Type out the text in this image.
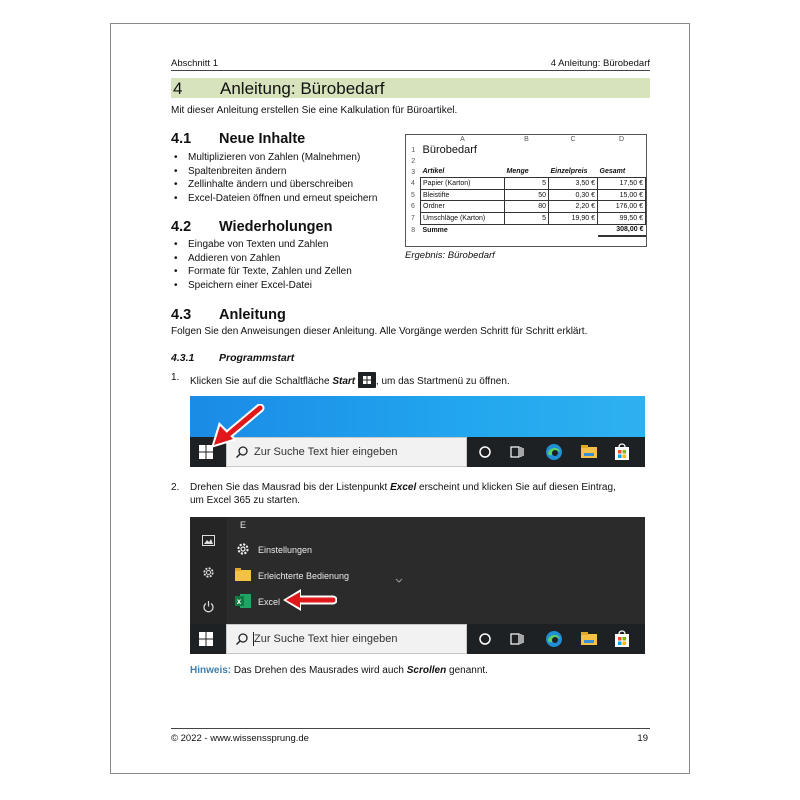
Abschnitt 1	4 Anleitung: Bürobedarf
4 Anleitung: Bürobedarf
Mit dieser Anleitung erstellen Sie eine Kalkulation für Büroartikel.
4.1 Neue Inhalte
• Multiplizieren von Zahlen (Malnehmen)
• Spaltenbreiten ändern
• Zellinhalte ändern und überschreiben
• Excel-Dateien öffnen und erneut speichern
4.2 Wiederholungen
• Eingabe von Texten und Zahlen
• Addieren von Zahlen
• Formate für Texte, Zahlen und Zellen
• Speichern einer Excel-Datei
	A	B	C	D
1	Bürobedarf			
2				
3	Artikel	Menge	Einzelpreis	Gesamt
4	Papier (Karton)	5	3,50 €	17,50 €
5	Bleistifte	50	0,30 €	15,00 €
6	Ordner	80	2,20 €	176,00 €
7	Umschläge (Karton)	5	19,90 €	99,50 €
8	Summe			308,00 €
Ergebnis: Bürobedarf
4.3 Anleitung
Folgen Sie den Anweisungen dieser Anleitung. Alle Vorgänge werden Schritt für Schritt erklärt.
4.3.1 Programmstart
1. Klicken Sie auf die Schaltfläche Start , um das Startmenü zu öffnen.
Zur Suche Text hier eingeben
2. Drehen Sie das Mausrad bis der Listenpunkt Excel erscheint und klicken Sie auf diesen Eintrag,
um Excel 365 zu starten.
E
Einstellungen
Erleichterte Bedienung
x Excel
Zur Suche Text hier eingeben
Hinweis: Das Drehen des Mausrades wird auch Scrollen genannt.
© 2022 - www.wissenssprung.de	19
